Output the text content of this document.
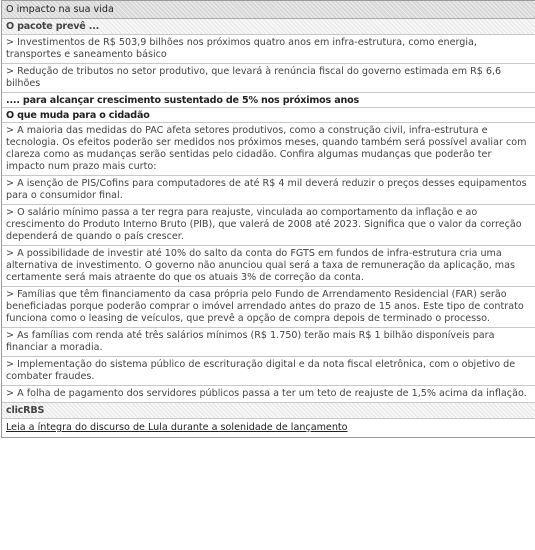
O impacto na sua vida
O pacote prevê ...
> Investimentos de R$ 503,9 bilhões nos próximos quatro anos em infra-estrutura, como energia, transportes e saneamento básico
> Redução de tributos no setor produtivo, que levará à renúncia fiscal do governo estimada em R$ 6,6 bilhões
.... para alcançar crescimento sustentado de 5% nos próximos anos
O que muda para o cidadão
> A maioria das medidas do PAC afeta setores produtivos, como a construção civil, infra-estrutura e tecnologia. Os efeitos poderão ser medidos nos próximos meses, quando também será possível avaliar com clareza como as mudanças serão sentidas pelo cidadão. Confira algumas mudanças que poderão ter impacto num prazo mais curto:
> A isenção de PIS/Cofins para computadores de até R$ 4 mil deverá reduzir o preços desses equipamentos para o consumidor final.
> O salário mínimo passa a ter regra para reajuste, vinculada ao comportamento da inflação e ao crescimento do Produto Interno Bruto (PIB), que valerá de 2008 até 2023. Significa que o valor da correção dependerá de quando o país crescer.
> A possibilidade de investir até 10% do salto da conta do FGTS em fundos de infra-estrutura cria uma alternativa de investimento. O governo não anunciou qual será a taxa de remuneração da aplicação, mas certamente será mais atraente do que os atuais 3% de correção da conta.
> Famílias que têm financiamento da casa própria pelo Fundo de Arrendamento Residencial (FAR) serão beneficiadas porque poderão comprar o imóvel arrendado antes do prazo de 15 anos. Este tipo de contrato funciona como o leasing de veículos, que prevê a opção de compra depois de terminado o processo.
> As famílias com renda até três salários mínimos (R$ 1.750) terão mais R$ 1 bilhão disponíveis para financiar a moradia.
> Implementação do sistema público de escrituração digital e da nota fiscal eletrônica, com o objetivo de combater fraudes.
> A folha de pagamento dos servidores públicos passa a ter um teto de reajuste de 1,5% acima da inflação.
clicRBS
Leia a íntegra do discurso de Lula durante a solenidade de lançamento
